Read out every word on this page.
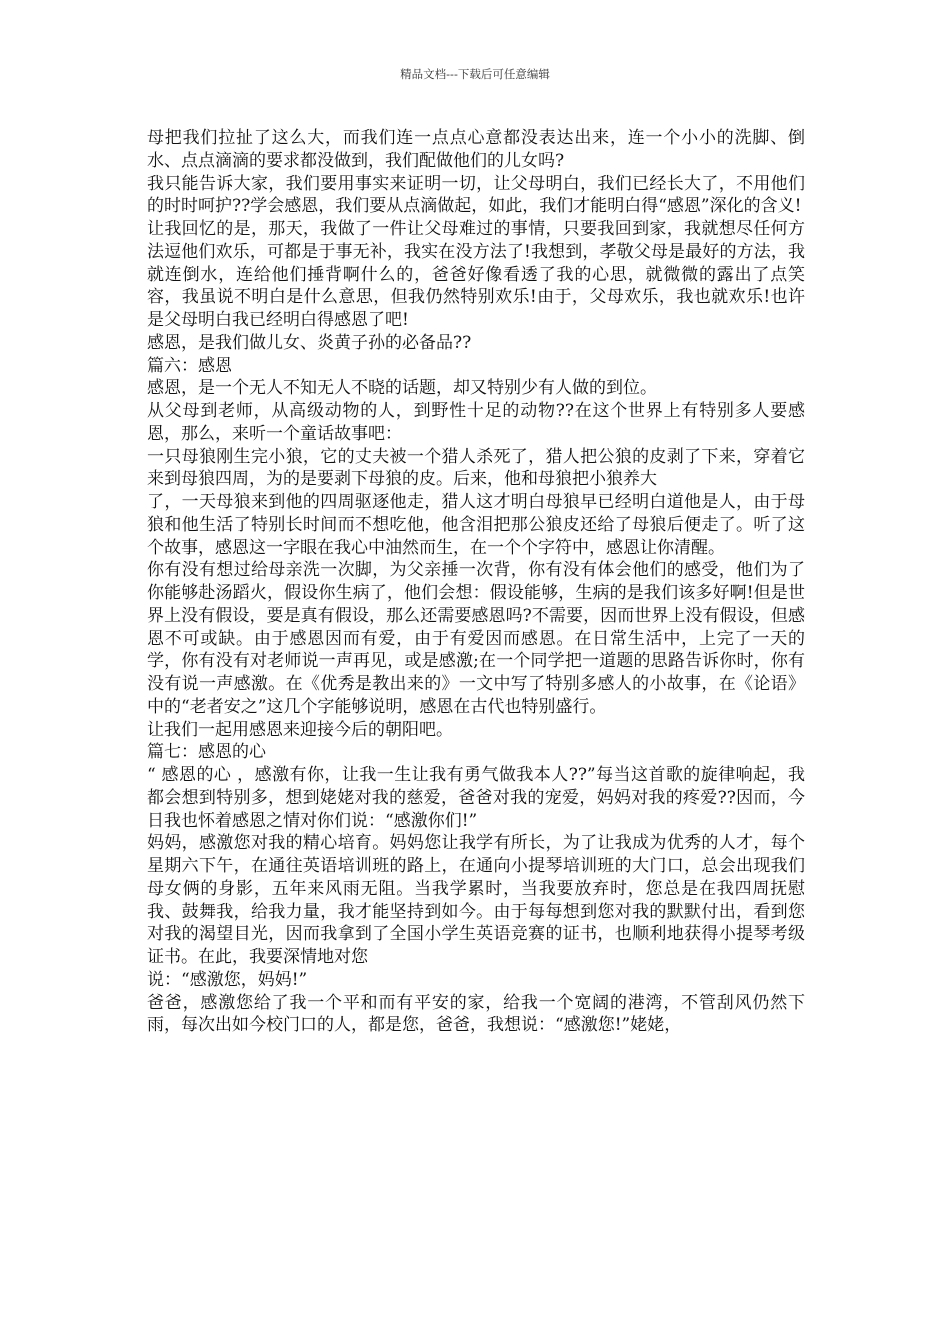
精品文档---下载后可任意编辑

母把我们拉扯了这么大，而我们连一点点心意都没表达出来，连一个小小的洗脚、倒水、点点滴滴的要求都没做到，我们配做他们的儿女吗?

我只能告诉大家，我们要用事实来证明一切，让父母明白，我们已经长大了，不用他们的时时呵护??学会感恩，我们要从点滴做起，如此，我们才能明白得“感恩”深化的含义!

让我回忆的是，那天，我做了一件让父母难过的事情，只要我回到家，我就想尽任何方法逗他们欢乐，可都是于事无补，我实在没方法了!我想到，孝敬父母是最好的方法，我就连倒水，连给他们捶背啊什么的，爸爸好像看透了我的心思，就微微的露出了点笑容，我虽说不明白是什么意思，但我仍然特别欢乐!由于，父母欢乐，我也就欢乐!也许是父母明白我已经明白得感恩了吧!

感恩，是我们做儿女、炎黄子孙的必备品??

篇六：感恩

感恩，是一个无人不知无人不晓的话题，却又特别少有人做的到位。

从父母到老师，从高级动物的人，到野性十足的动物??在这个世界上有特别多人要感恩，那么，来听一个童话故事吧：

一只母狼刚生完小狼，它的丈夫被一个猎人杀死了，猎人把公狼的皮剥了下来，穿着它来到母狼四周，为的是要剥下母狼的皮。后来，他和母狼把小狼养大

了，一天母狼来到他的四周驱逐他走，猎人这才明白母狼早已经明白道他是人，由于母狼和他生活了特别长时间而不想吃他，他含泪把那公狼皮还给了母狼后便走了。听了这个故事，感恩这一字眼在我心中油然而生，在一个个字符中，感恩让你清醒。

你有没有想过给母亲洗一次脚，为父亲捶一次背，你有没有体会他们的感受，他们为了你能够赴汤蹈火，假设你生病了，他们会想：假设能够，生病的是我们该多好啊!但是世界上没有假设，要是真有假设，那么还需要感恩吗?不需要，因而世界上没有假设，但感恩不可或缺。由于感恩因而有爱，由于有爱因而感恩。在日常生活中，上完了一天的学，你有没有对老师说一声再见，或是感激;在一个同学把一道题的思路告诉你时，你有没有说一声感激。在《优秀是教出来的》一文中写了特别多感人的小故事，在《论语》中的“老者安之”这几个字能够说明，感恩在古代也特别盛行。

让我们一起用感恩来迎接今后的朝阳吧。

篇七：感恩的心

“ 感恩的心 ，感激有你，让我一生让我有勇气做我本人??”每当这首歌的旋律响起，我都会想到特别多，想到姥姥对我的慈爱，爸爸对我的宠爱，妈妈对我的疼爱??因而，今日我也怀着感恩之情对你们说：“感激你们!”

妈妈，感激您对我的精心培育。妈妈您让我学有所长，为了让我成为优秀的人才，每个星期六下午，在通往英语培训班的路上，在通向小提琴培训班的大门口，总会出现我们母女俩的身影，五年来风雨无阻。当我学累时，当我要放弃时，您总是在我四周抚慰我、鼓舞我，给我力量，我才能坚持到如今。由于每每想到您对我的默默付出，看到您对我的渴望目光，因而我拿到了全国小学生英语竞赛的证书，也顺利地获得小提琴考级证书。在此，我要深情地对您

说：“感激您，妈妈!”

爸爸，感激您给了我一个平和而有平安的家，给我一个宽阔的港湾，不管刮风仍然下雨，每次出如今校门口的人，都是您，爸爸，我想说：“感激您!”姥姥，
